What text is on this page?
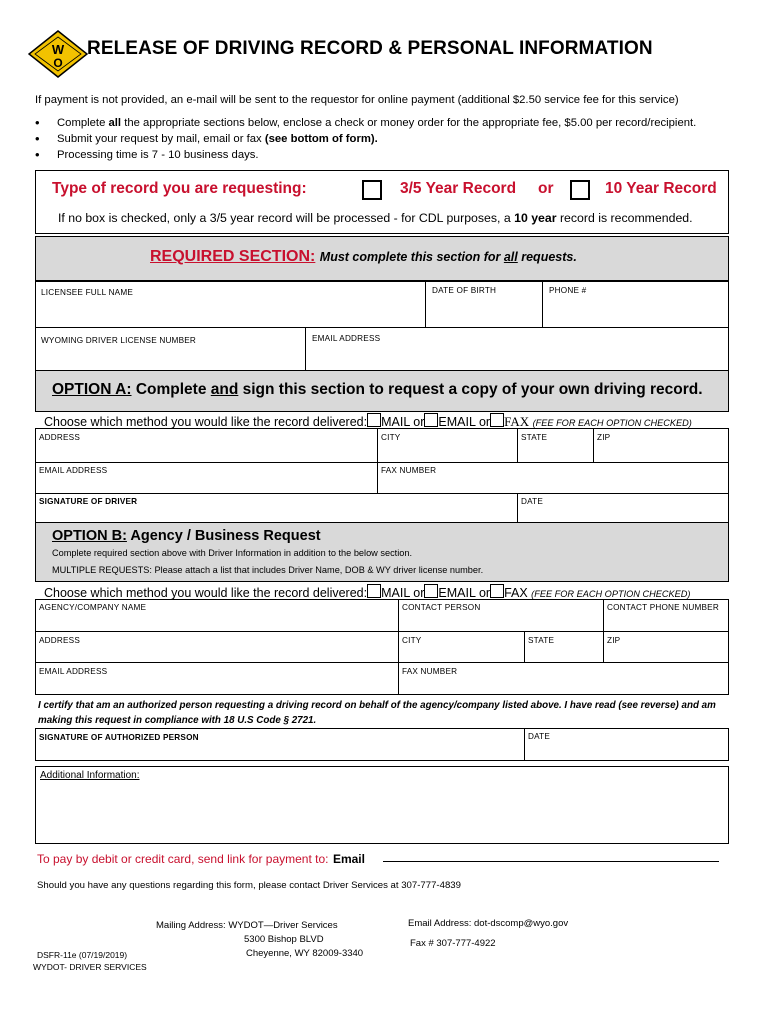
W
O
RELEASE OF DRIVING RECORD & PERSONAL INFORMATION
If payment is not provided, an e-mail will be sent to the requestor for online payment (additional $2.50 service fee for this service)
• Complete all the appropriate sections below, enclose a check or money order for the appropriate fee, $5.00 per record/recipient.
• Submit your request by mail, email or fax (see bottom of form).
• Processing time is 7 - 10 business days.
Type of record you are requesting:	3/5 Year Record or	10 Year Record
If no box is checked, only a 3/5 year record will be processed - for CDL purposes, a 10 year record is recommended.
REQUIRED SECTION: Must complete this section for all requests.
LICENSEE FULL NAME	DATE OF BIRTH	PHONE #
WYOMING DRIVER LICENSE NUMBER	EMAIL ADDRESS
OPTION A: Complete and sign this section to request a copy of your own driving record.
Choose which method you would like the record delivered: MAIL or EMAIL or FAX (FEE FOR EACH OPTION CHECKED)
ADDRESS	CITY	STATE	ZIP
EMAIL ADDRESS	FAX NUMBER
SIGNATURE OF DRIVER	DATE
OPTION B: Agency / Business Request
Complete required section above with Driver Information in addition to the below section.
MULTIPLE REQUESTS: Please attach a list that includes Driver Name, DOB & WY driver license number.
Choose which method you would like the record delivered: MAIL or EMAIL or FAX (FEE FOR EACH OPTION CHECKED)
AGENCY/COMPANY NAME	CONTACT PERSON	CONTACT PHONE NUMBER
ADDRESS	CITY	STATE	ZIP
EMAIL ADDRESS	FAX NUMBER
I certify that am an authorized person requesting a driving record on behalf of the agency/company listed above. I have read (see reverse) and am making this request in compliance with 18 U.S Code § 2721.
SIGNATURE OF AUTHORIZED PERSON	DATE
Additional Information:
To pay by debit or credit card, send link for payment to: Email
Should you have any questions regarding this form, please contact Driver Services at 307-777-4839
Mailing Address: WYDOT—Driver Services
5300 Bishop BLVD
Cheyenne, WY 82009-3340
Email Address: dot-dscomp@wyo.gov
Fax # 307-777-4922
DSFR-11e (07/19/2019)
WYDOT- DRIVER SERVICES
